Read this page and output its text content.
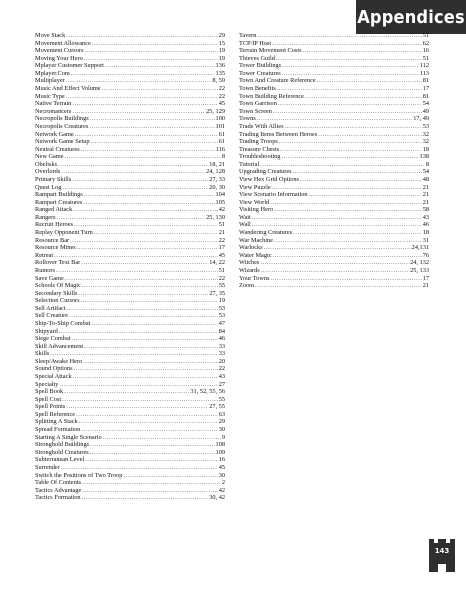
Appendices
Move Stack .....	29
Movement Allowance .....	15
Movement Cursors .....	19
Moving Your Hero .....	19
Mplayer Customer Support .....	136
Mplayer.Com .....	135
Multiplayer .....	8, 59
Music And Effect Volume .....	22
Music Type .....	22
Native Terrain .....	45
Necromancers .....	25, 129
Necropolis Buildings .....	100
Necropolis Creatures .....	101
Network Game .....	61
Network Game Setup .....	61
Neutral Creatures .....	116
New Game .....	8
Obelisks .....	18, 21
Overlords .....	24, 128
Primary Skills .....	27, 33
Quest Log .....	20, 30
Rampart Buildings .....	104
Rampart Creatures .....	105
Ranged Attack .....	42
Rangers .....	25, 130
Recruit Heroes .....	51
Replay Opponent Turn .....	21
Resource Bar .....	22
Resource Mines .....	17
Retreat .....	45
Rollover Text Bar .....	14, 22
Rumors .....	51
Save Game .....	22
Schools Of Magic .....	55
Secondary Skills .....	27, 35
Selection Cursors .....	19
Sell Artifact .....	53
Sell Creature .....	53
Ship-To-Ship Combat .....	47
Shipyard .....	84
Siege Combat .....	46
Skill Advancement .....	33
Skills .....	33
Sleep/Awake Hero .....	20
Sound Options .....	22
Special Attack .....	43
Specialty .....	27
Spell Book .....	31, 52, 55, 56
Spell Cost .....	55
Spell Points .....	27, 55
Spell Reference .....	63
Splitting A Stack .....	29
Spread Formation .....	30
Starting A Single Scenario .....	9
Stronghold Buildings .....	108
Stronghold Creatures .....	109
Subterranean Level .....	16
Surrender .....	45
Switch the Positions of Two Troop .....	30
Table Of Contents .....	2
Tactics Advantage .....	42
Tactics Formation .....	30, 42
Tavern .....	51
TCP/IP Host .....	62
Terrain Movement Costs .....	16
Thieves Guild .....	51
Tower Buildings .....	112
Tower Creatures .....	113
Town And Creature Reference .....	81
Town Benefits .....	17
Town Building Reference .....	81
Town Garrison .....	54
Town Screen .....	49
Towns .....	17, 49
Trade With Allies .....	53
Trading Items Between Heroes .....	32
Trading Troops .....	32
Treasure Chests .....	18
Troubleshooting .....	138
Tutorial .....	8
Upgrading Creatures .....	54
View Hex Grid Options .....	48
View Puzzle .....	21
View Scenario Information .....	21
View World .....	21
Visiting Hero .....	58
Wait .....	43
Wall .....	46
Wandering Creatures .....	18
War Machine .....	31
Warlocks .....	24,131
Water Magic .....	76
Witches .....	24, 132
Wizards .....	25, 133
Your Towns .....	17
Zoom .....	21
143
